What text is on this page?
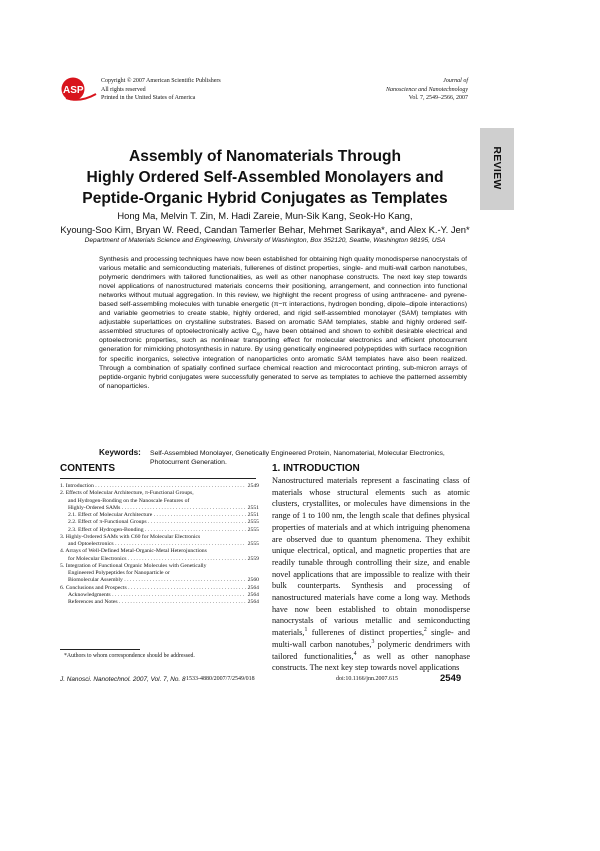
ASP
Copyright © 2007 American Scientific Publishers
All rights reserved
Printed in the United States of America
Journal of
Nanoscience and Nanotechnology
Vol. 7, 2549–2566, 2007
REVIEW
Assembly of Nanomaterials Through
Highly Ordered Self-Assembled Monolayers and
Peptide-Organic Hybrid Conjugates as Templates
Hong Ma, Melvin T. Zin, M. Hadi Zareie, Mun-Sik Kang, Seok-Ho Kang,
Kyoung-Soo Kim, Bryan W. Reed, Candan Tamerler Behar, Mehmet Sarikaya*, and Alex K.-Y. Jen*
Department of Materials Science and Engineering, University of Washington, Box 352120, Seattle, Washington 98195, USA
Synthesis and processing techniques have now been established for obtaining high quality monodisperse nanocrystals of various metallic and semiconducting materials, fullerenes of distinct properties, single- and multi-wall carbon nanotubes, polymeric dendrimers with tailored functionalities, as well as other nanophase constructs. The next key step towards novel applications of nanostructured materials concerns their positioning, arrangement, and connection into functional networks without mutual aggregation. In this review, we highlight the recent progress of using anthracene- and pyrene-based self-assembling molecules with tunable energetic (π−π interactions, hydrogen bonding, dipole–dipole interactions) and variable geometries to create stable, highly ordered, and rigid self-assembled monolayer (SAM) templates with adjustable superlattices on crystalline substrates. Based on aromatic SAM templates, stable and highly ordered self-assembled structures of optoelectronically active $C_{60}$ have been obtained and shown to exhibit desirable electrical and optoelectronic properties, such as nonlinear transporting effect for molecular electronics and efficient photocurrent generation for mimicking photosynthesis in nature. By using genetically engineered polypeptides with surface recognition for specific inorganics, selective integration of nanoparticles onto aromatic SAM templates have also been realized. Through a combination of spatially confined surface chemical reaction and microcontact printing, sub-micron arrays of peptide-organic hybrid conjugates were successfully generated to serve as templates to achieve the patterned assembly of nanoparticles.
Keywords: Self-Assembled Monolayer, Genetically Engineered Protein, Nanomaterial, Molecular Electronics, Photocurrent Generation.
CONTENTS
1. Introduction . . .	2549
2. Effects of Molecular Architecture, π-Functional Groups,
and Hydrogen-Bonding on the Nanoscale Features of
Highly-Ordered SAMs . . .	2551
2.1. Effect of Molecular Architecture . . .	2551
2.2. Effect of π-Functional Groups . . .	2555
2.3. Effect of Hydrogen-Bonding . . .	2555
3. Highly-Ordered SAMs with C60 for Molecular Electronics
and Optoelectronics . . .	2555
4. Arrays of Well-Defined Metal-Organic-Metal Heterojunctions
for Molecular Electronics . . .	2559
5. Integration of Functional Organic Molecules with Genetically
Engineered Polypeptides for Nanoparticle or
Biomolecular Assembly . . .	2560
6. Conclusions and Prospects . . .	2564
Acknowledgments . . .	2564
References and Notes . . .	2564
*Authors to whom correspondence should be addressed.
1. INTRODUCTION
Nanostructured materials represent a fascinating class of materials whose structural elements such as atomic clusters, crystallites, or molecules have dimensions in the range of 1 to 100 nm, the length scale that defines physical properties of materials and at which intriguing phenomena are observed due to quantum phenomena. They exhibit unique electrical, optical, and magnetic properties that are readily tunable through controlling their size, and enable novel applications that are impossible to realize with their bulk counterparts. Synthesis and processing of nanostructured materials have come a long way. Methods have now been established to obtain monodisperse nanocrystals of various metallic and semiconducting materials,$^1$ fullerenes of distinct properties,$^2$ single- and multi-wall carbon nanotubes,$^3$ polymeric dendrimers with tailored functionalities,$^4$ as well as other nanophase constructs. The next key step towards novel applications
J. Nanosci. Nanotechnol. 2007, Vol. 7, No. 8 1533-4880/2007/7/2549/018	doi:10.1166/jnn.2007.615	2549
